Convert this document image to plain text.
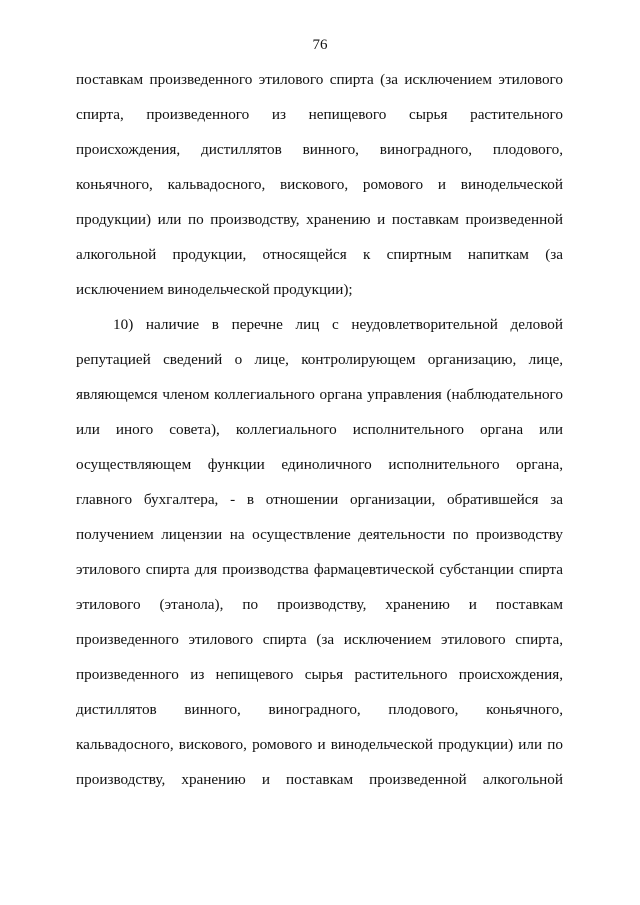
76
поставкам произведенного этилового спирта (за исключением этилового
спирта, произведенного из непищевого сырья растительного
происхождения, дистиллятов винного, виноградного, плодового,
коньячного, кальвадосного, вискового, ромового и винодельческой
продукции) или по производству, хранению и поставкам произведенной
алкогольной продукции, относящейся к спиртным напиткам (за
исключением винодельческой продукции);
10) наличие в перечне лиц с неудовлетворительной деловой
репутацией сведений о лице, контролирующем организацию, лице,
являющемся членом коллегиального органа управления (наблюдательного
или иного совета), коллегиального исполнительного органа или
осуществляющем функции единоличного исполнительного органа,
главного бухгалтера, - в отношении организации, обратившейся за
получением лицензии на осуществление деятельности по производству
этилового спирта для производства фармацевтической субстанции спирта
этилового (этанола), по производству, хранению и поставкам
произведенного этилового спирта (за исключением этилового спирта,
произведенного из непищевого сырья растительного происхождения,
дистиллятов винного, виноградного, плодового, коньячного,
кальвадосного, вискового, ромового и винодельческой продукции) или по
производству, хранению и поставкам произведенной алкогольной
